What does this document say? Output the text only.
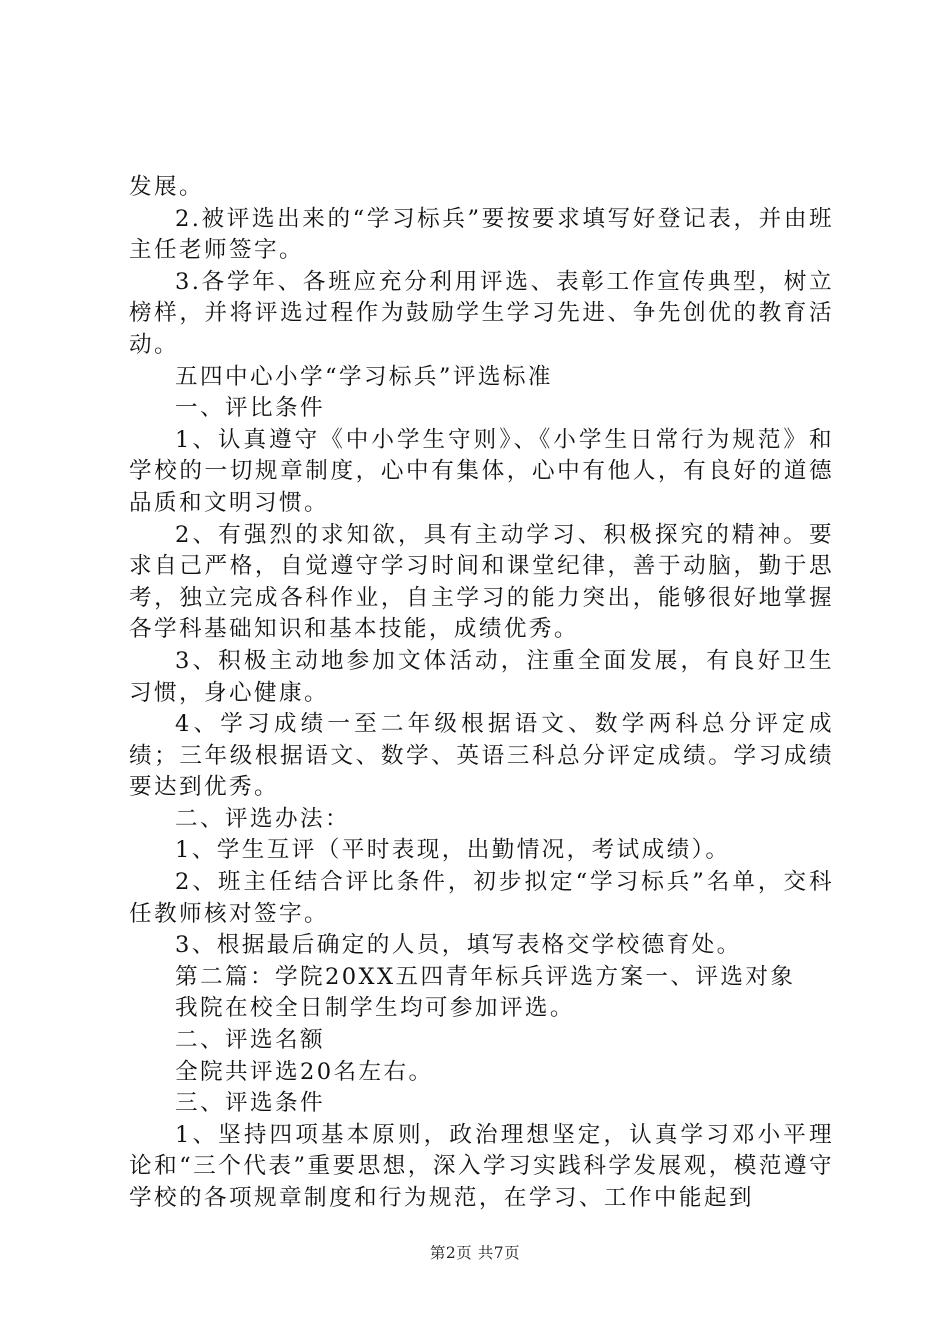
发展。

2.被评选出来的“学习标兵”要按要求填写好登记表，并由班主任老师签字。

3.各学年、各班应充分利用评选、表彰工作宣传典型，树立榜样，并将评选过程作为鼓励学生学习先进、争先创优的教育活动。

五四中心小学“学习标兵”评选标准

一、评比条件

1、认真遵守《中小学生守则》、《小学生日常行为规范》和学校的一切规章制度，心中有集体，心中有他人，有良好的道德品质和文明习惯。

2、有强烈的求知欲，具有主动学习、积极探究的精神。要求自己严格，自觉遵守学习时间和课堂纪律，善于动脑，勤于思考，独立完成各科作业，自主学习的能力突出，能够很好地掌握各学科基础知识和基本技能，成绩优秀。

3、积极主动地参加文体活动，注重全面发展，有良好卫生习惯，身心健康。

4、学习成绩一至二年级根据语文、数学两科总分评定成绩；三年级根据语文、数学、英语三科总分评定成绩。学习成绩要达到优秀。

二、评选办法：

1、学生互评（平时表现，出勤情况，考试成绩）。

2、班主任结合评比条件，初步拟定“学习标兵”名单，交科任教师核对签字。

3、根据最后确定的人员，填写表格交学校德育处。

第二篇：学院20XX五四青年标兵评选方案一、评选对象

我院在校全日制学生均可参加评选。

二、评选名额

全院共评选20名左右。

三、评选条件

1、坚持四项基本原则，政治理想坚定，认真学习邓小平理论和“三个代表”重要思想，深入学习实践科学发展观，模范遵守学校的各项规章制度和行为规范，在学习、工作中能起到

第2页 共7页
